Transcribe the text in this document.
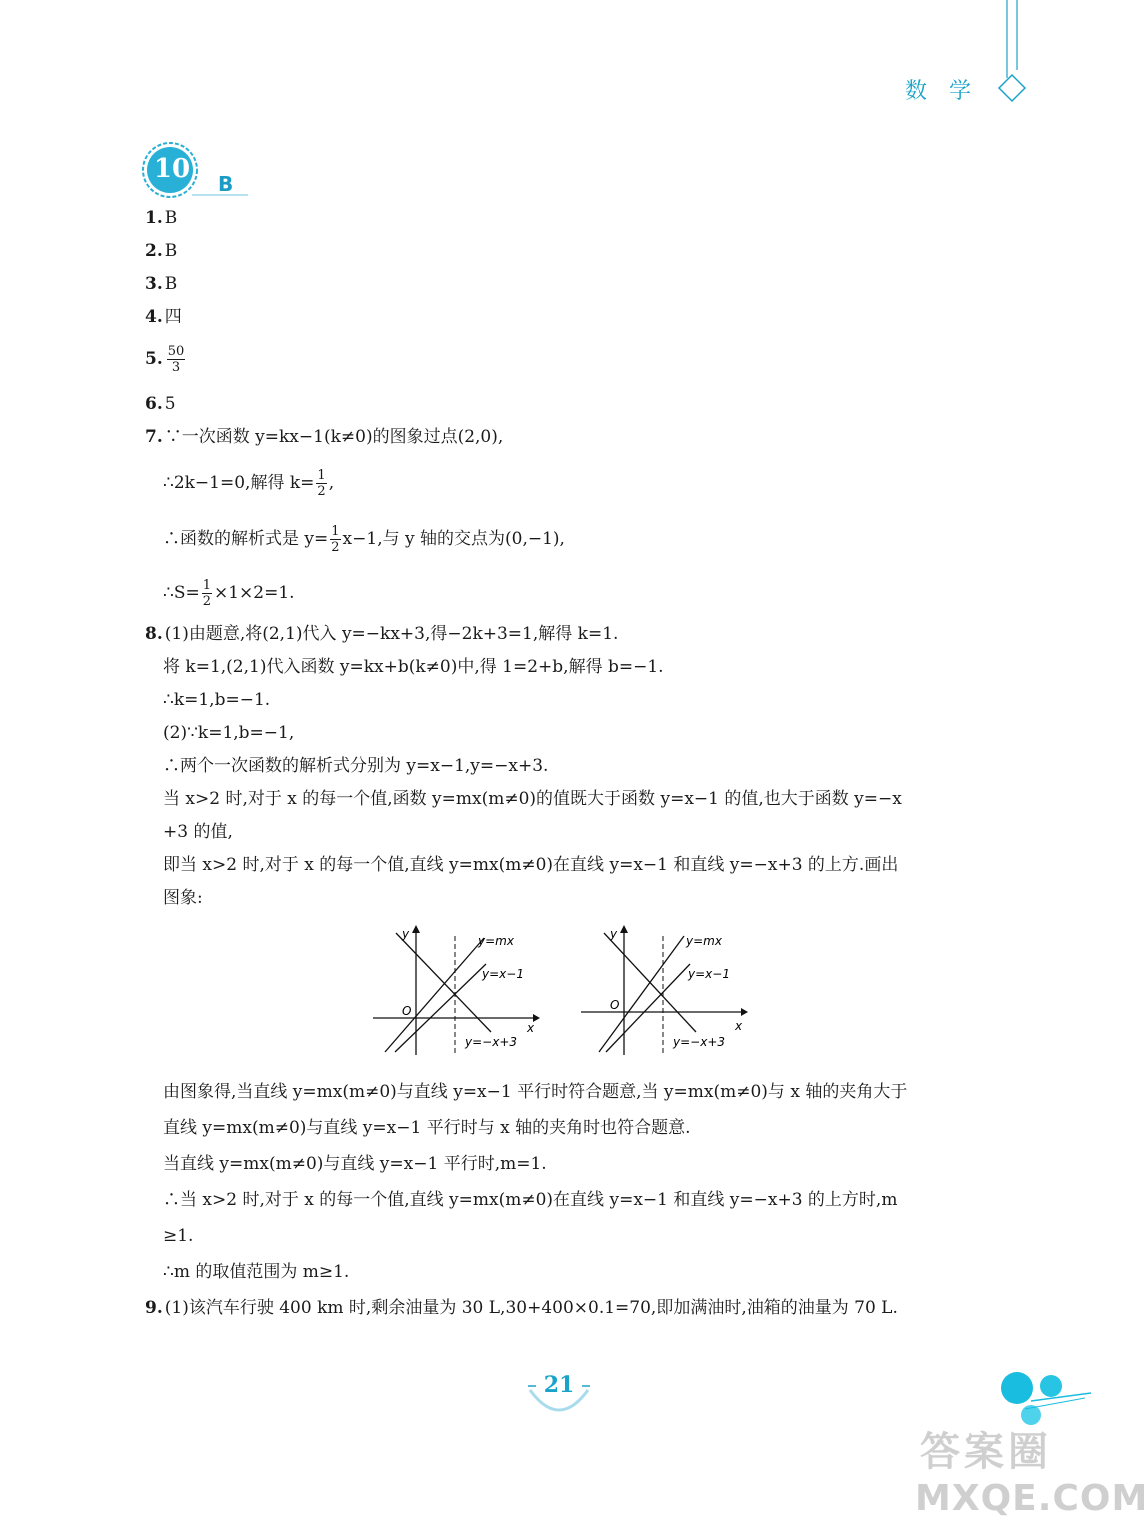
数学
10	B
1. B
2. B
3. B
4. 四
5. $\frac{50}{3}$
6. 5
7. ∵一次函数 y=kx−1(k≠0)的图象过点(2,0),
∴2k−1=0,解得 $k= \frac{1}{2}$ ,
∴函数的解析式是 $y= \frac{1}{2} x-1$,与 y 轴的交点为(0,−1),
∴S= $\frac{1}{2} \times 1\times 2=1$.
8. (1)由题意,将(2,1)代入 y=−kx+3,得−2k+3=1,解得 k=1.
将 k=1,(2,1)代入函数 y=kx+b(k≠0)中,得 1=2+b,解得 b=−1.
∴k=1,b=−1.
(2)∵k=1,b=−1,
∴两个一次函数的解析式分别为 y=x−1,y=−x+3.
当 x>2 时,对于 x 的每一个值,函数 y=mx(m≠0)的值既大于函数 y=x−1 的值,也大于函数 y=−x
+3 的值,
即当 x>2 时,对于 x 的每一个值,直线 y=mx(m≠0)在直线 y=x−1 和直线 y=−x+3 的上方.画出
图象:
y
x
O
y=mx
y=x−1
y=−x+3
y
x
O
y=mx
y=x−1
y=−x+3
由图象得,当直线 y=mx(m≠0)与直线 y=x−1 平行时符合题意,当 y=mx(m≠0)与 x 轴的夹角大于
直线 y=mx(m≠0)与直线 y=x−1 平行时与 x 轴的夹角时也符合题意.
当直线 y=mx(m≠0)与直线 y=x−1 平行时,m=1.
∴当 x>2 时,对于 x 的每一个值,直线 y=mx(m≠0)在直线 y=x−1 和直线 y=−x+3 的上方时,m
≥1.
∴m 的取值范围为 m≥1.
9. (1)该汽车行驶 400 km 时,剩余油量为 30 L,30+400×0.1=70,即加满油时,油箱的油量为 70 L.
21
答案圈
MXQE.COM
